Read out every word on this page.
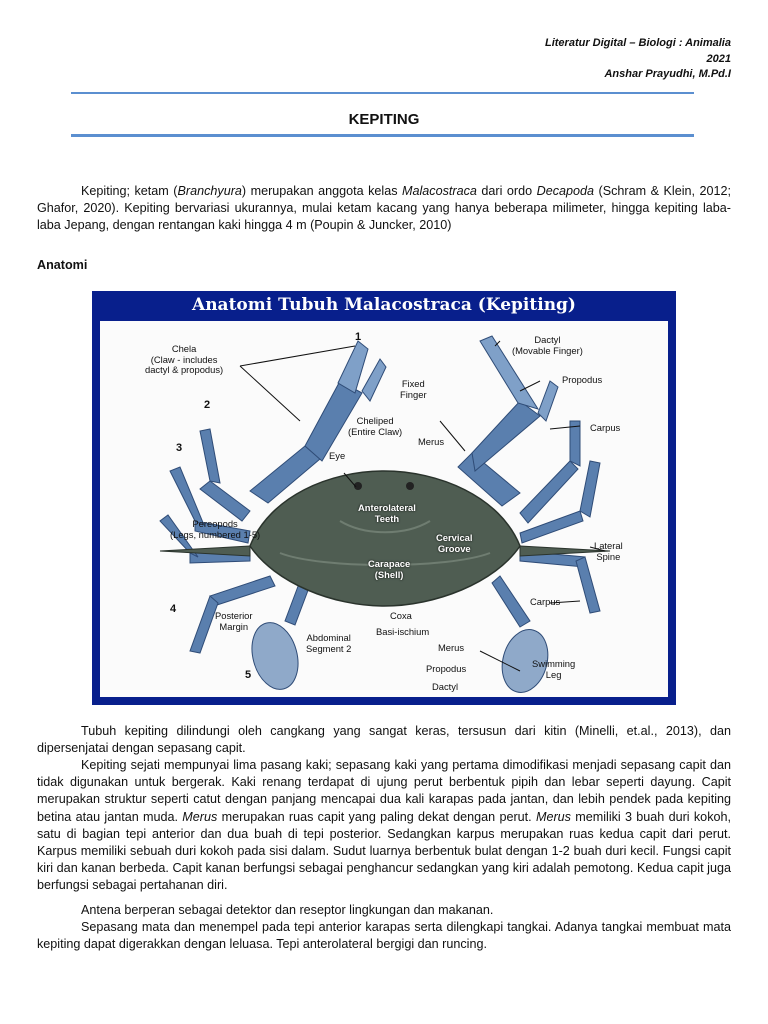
Literatur Digital – Biologi : Animalia
2021
Anshar Prayudhi, M.Pd.I
KEPITING

Kepiting; ketam (Branchyura) merupakan anggota kelas Malacostraca dari ordo Decapoda (Schram & Klein, 2012; Ghafor, 2020). Kepiting bervariasi ukurannya, mulai ketam kacang yang hanya beberapa milimeter, hingga kepiting laba-laba Jepang, dengan rentangan kaki hingga 4 m (Poupin & Juncker, 2010)

Anatomi
Anatomi Tubuh Malacostraca (Kepiting)
Chela
(Claw - includes
dactyl & propodus)
Dactyl
(Movable Finger)
Fixed
Finger
Propodus
Cheliped
(Entire Claw)	Carpus
Merus
Eye
Anterolateral
Teeth
Pereopods
(Legs, numbered 1-5)	Cervical
Groove	Lateral
Spine
Carapace
(Shell)
Carpus
Posterior
Margin
Coxa
Basi-ischium
Abdominal
Segment 2	Merus
Swimming
Leg
Propodus
Dactyl
1
2
3
4
5

Tubuh kepiting dilindungi oleh cangkang yang sangat keras, tersusun dari kitin (Minelli, et.al., 2013), dan dipersenjatai dengan sepasang capit.

Kepiting sejati mempunyai lima pasang kaki; sepasang kaki yang pertama dimodifikasi menjadi sepasang capit dan tidak digunakan untuk bergerak. Kaki renang terdapat di ujung perut berbentuk pipih dan lebar seperti dayung. Capit merupakan struktur seperti catut dengan panjang mencapai dua kali karapas pada jantan, dan lebih pendek pada kepiting betina atau jantan muda. Merus merupakan ruas capit yang paling dekat dengan perut. Merus memiliki 3 buah duri kokoh, satu di bagian tepi anterior dan dua buah di tepi posterior. Sedangkan karpus merupakan ruas kedua capit dari perut. Karpus memiliki sebuah duri kokoh pada sisi dalam. Sudut luarnya berbentuk bulat dengan 1-2 buah duri kecil. Fungsi capit kiri dan kanan berbeda. Capit kanan berfungsi sebagai penghancur sedangkan yang kiri adalah pemotong. Kedua capit juga berfungsi sebagai pertahanan diri.

Antena berperan sebagai detektor dan reseptor lingkungan dan makanan.

Sepasang mata dan menempel pada tepi anterior karapas serta dilengkapi tangkai. Adanya tangkai membuat mata kepiting dapat digerakkan dengan leluasa. Tepi anterolateral bergigi dan runcing.
